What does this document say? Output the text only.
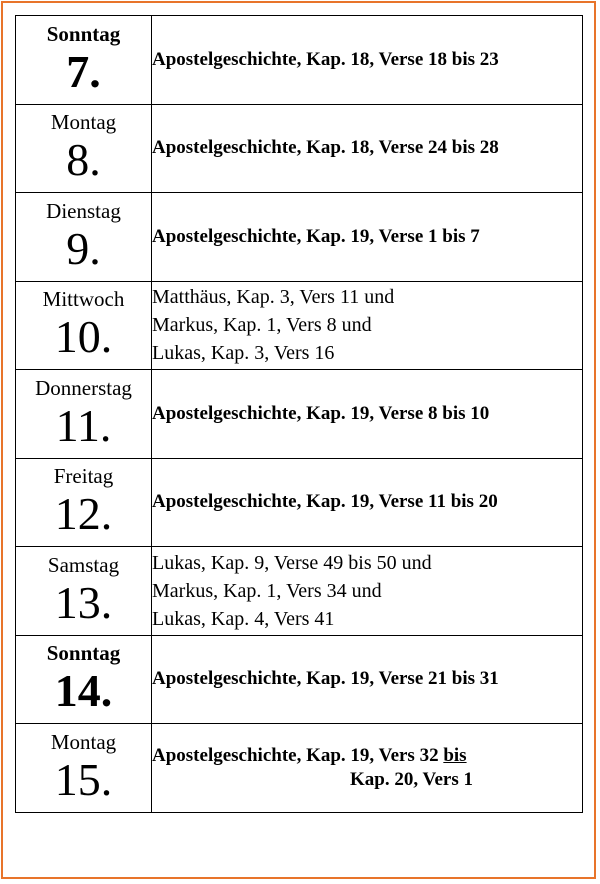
Sonntag
7.	Apostelgeschichte, Kap. 18, Verse 18 bis 23

Montag
8.	Apostelgeschichte, Kap. 18, Verse 24 bis 28

Dienstag
9.	Apostelgeschichte, Kap. 19, Verse 1 bis 7

Mittwoch
10.	Matthäus, Kap. 3, Vers 11 und
Markus, Kap. 1, Vers 8 und
Lukas, Kap. 3, Vers 16

Donnerstag
11.	Apostelgeschichte, Kap. 19, Verse 8 bis 10

Freitag
12.	Apostelgeschichte, Kap. 19, Verse 11 bis 20

Samstag
13.	Lukas, Kap. 9, Verse 49 bis 50 und
Markus, Kap. 1, Vers 34 und
Lukas, Kap. 4, Vers 41

Sonntag
14.	Apostelgeschichte, Kap. 19, Verse 21 bis 31

Montag
15.	Apostelgeschichte, Kap. 19, Vers 32 bis
Kap. 20, Vers 1
